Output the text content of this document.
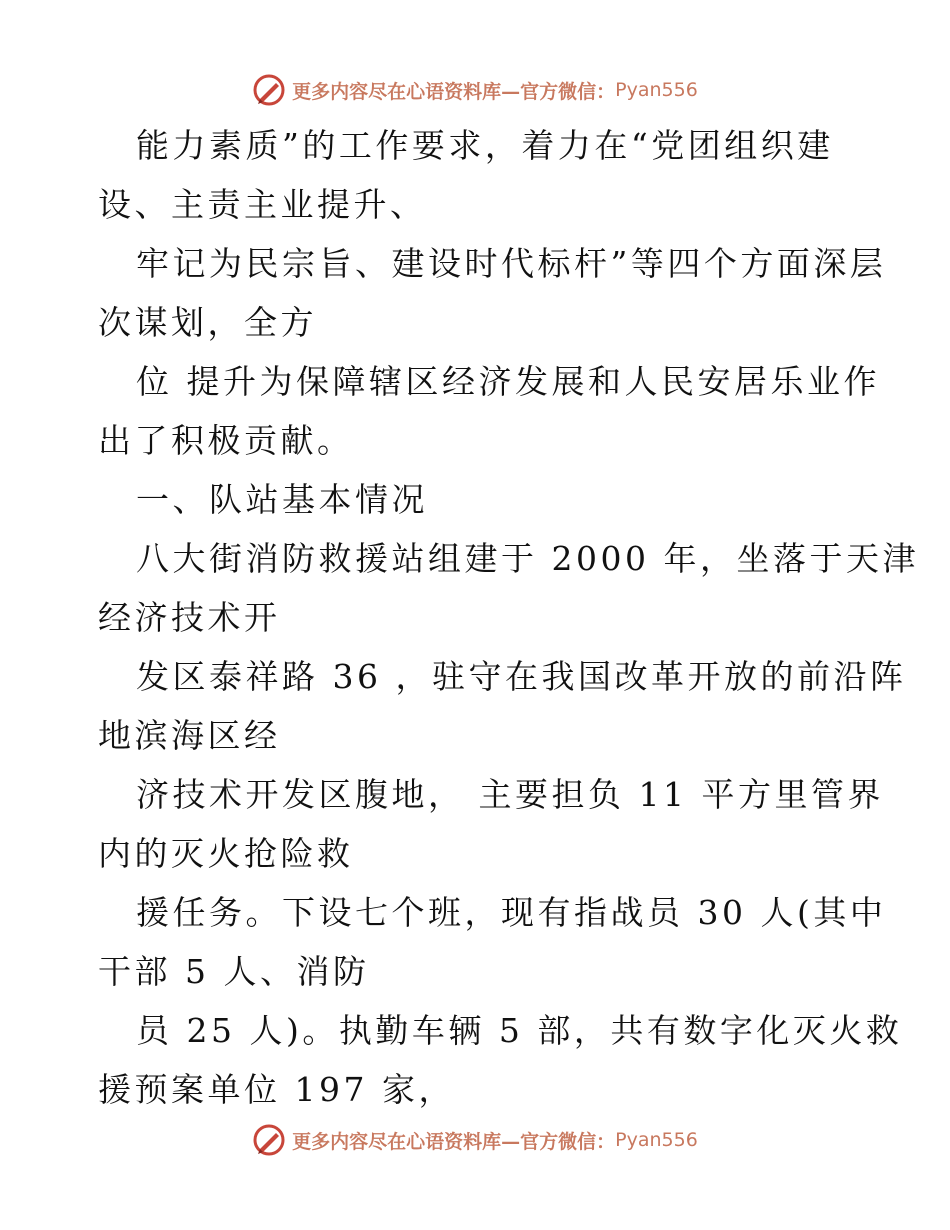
更多内容尽在心语资料库—官方微信： Pyan556
能力素质”的工作要求，着力在“党团组织建
设、主责主业提升、
牢记为民宗旨、建设时代标杆”等四个方面深层
次谋划，全方
位 提升为保障辖区经济发展和人民安居乐业作
出了积极贡献。
一、队站基本情况
八大街消防救援站组建于 2000 年，坐落于天津
经济技术开
发区泰祥路 36 ，驻守在我国改革开放的前沿阵
地滨海区经
济技术开发区腹地， 主要担负 11 平方里管界
内的灭火抢险救
援任务。下设七个班，现有指战员 30 人(其中
干部 5 人、消防
员 25 人)。执勤车辆 5 部，共有数字化灭火救
援预案单位 197 家，
更多内容尽在心语资料库—官方微信： Pyan556
